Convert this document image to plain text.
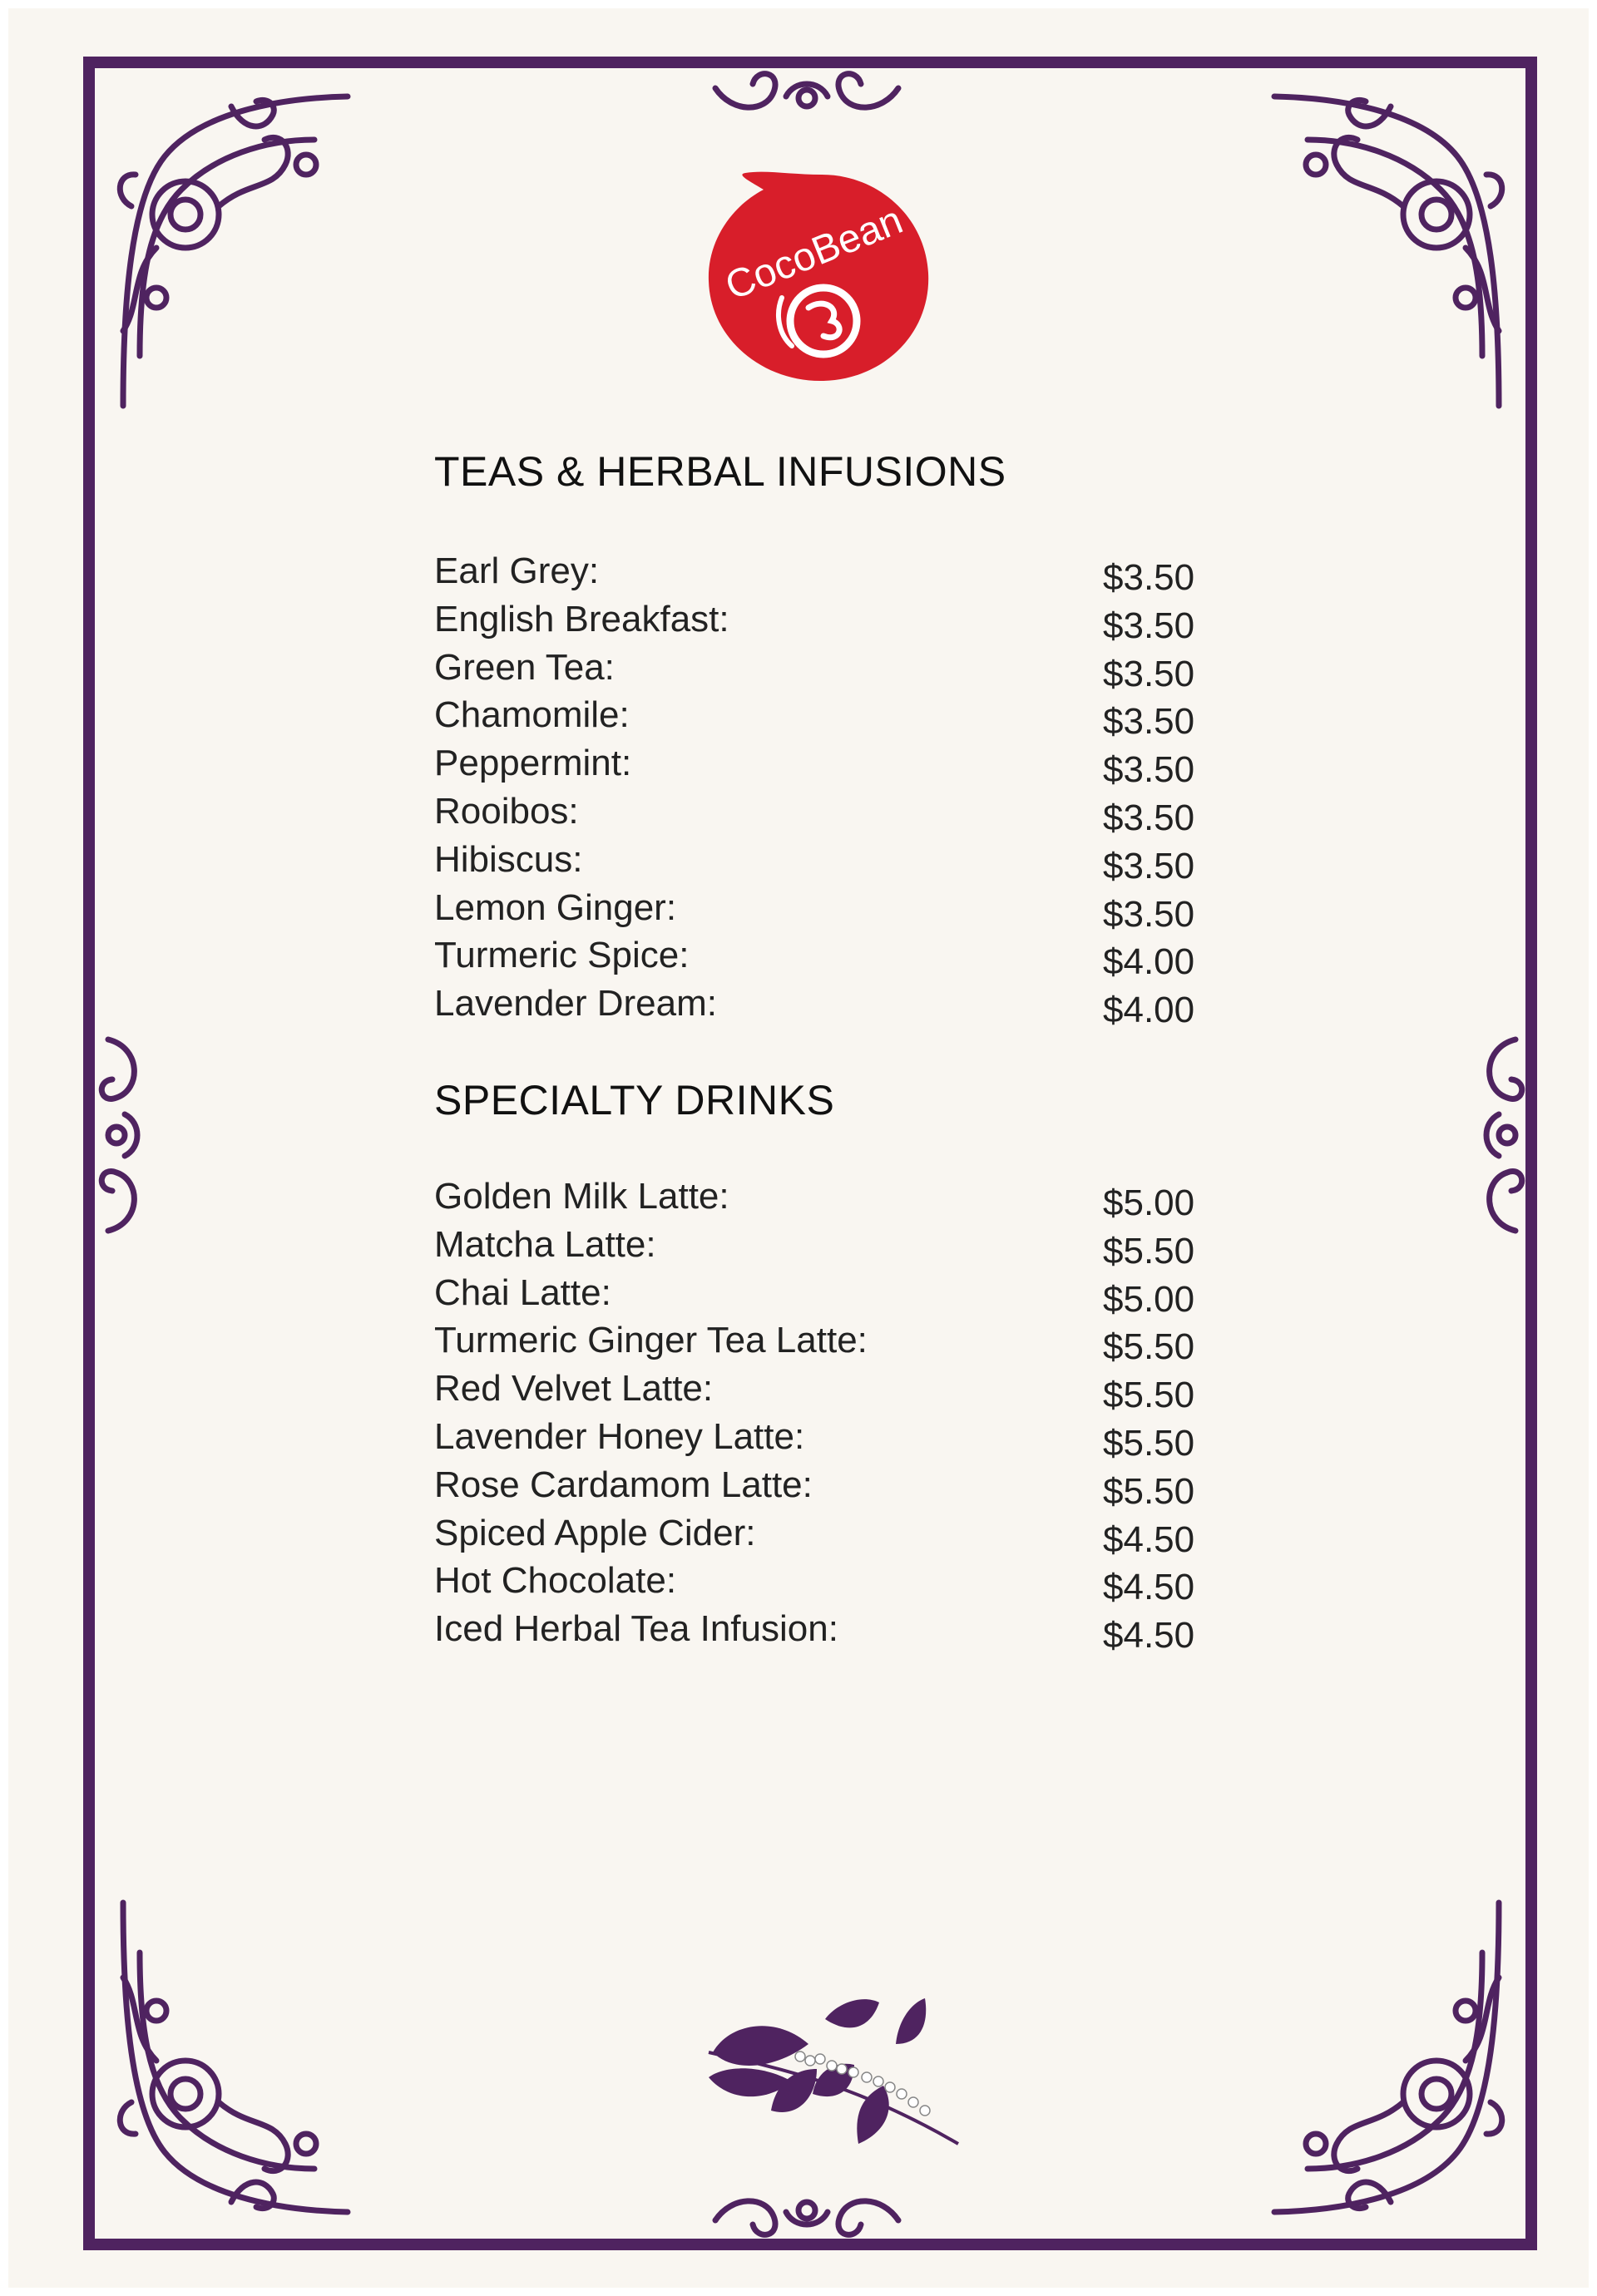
CocoBean
TEAS & HERBAL INFUSIONS
Earl Grey:	$3.50
English Breakfast:	$3.50
Green Tea:	$3.50
Chamomile:	$3.50
Peppermint:	$3.50
Rooibos:	$3.50
Hibiscus:	$3.50
Lemon Ginger:	$3.50
Turmeric Spice:	$4.00
Lavender Dream:	$4.00
SPECIALTY DRINKS
Golden Milk Latte:	$5.00
Matcha Latte:	$5.50
Chai Latte:	$5.00
Turmeric Ginger Tea Latte:	$5.50
Red Velvet Latte:	$5.50
Lavender Honey Latte:	$5.50
Rose Cardamom Latte:	$5.50
Spiced Apple Cider:	$4.50
Hot Chocolate:	$4.50
Iced Herbal Tea Infusion:	$4.50
